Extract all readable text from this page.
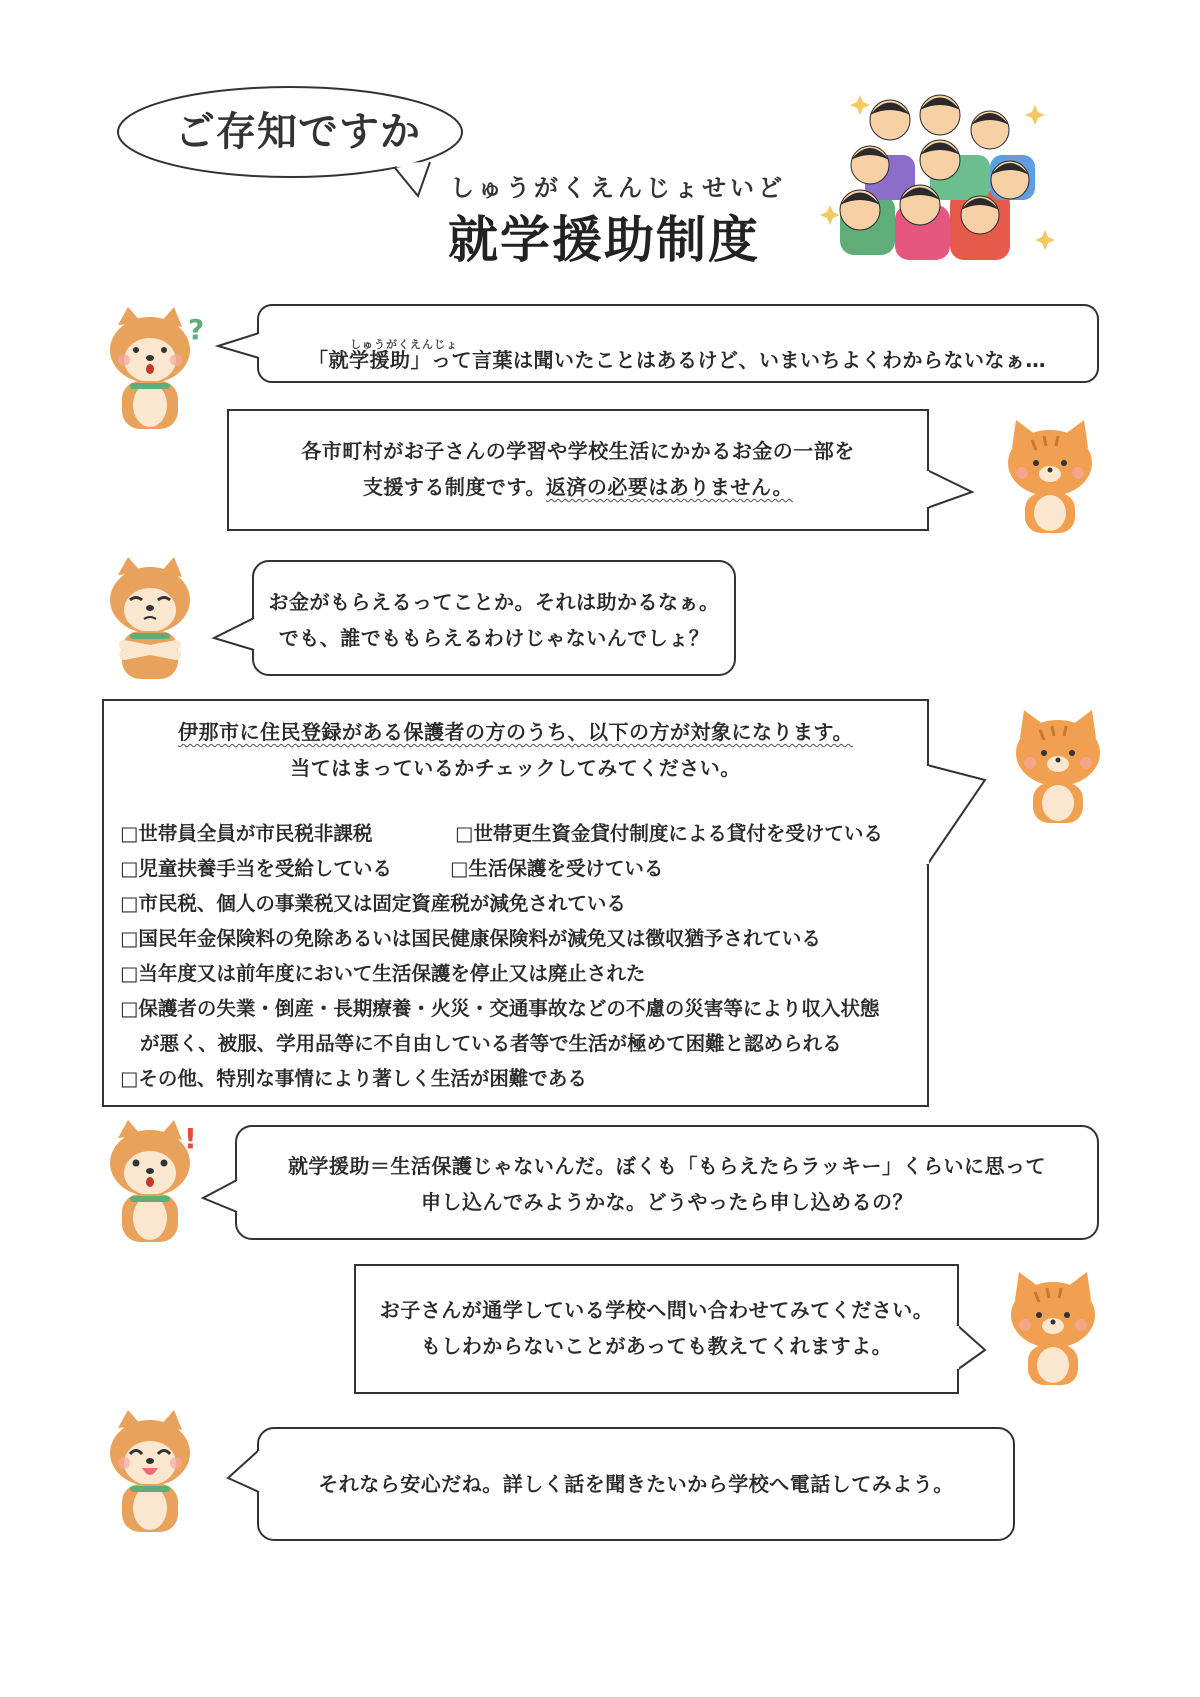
ご存知ですか
しゅうがくえんじょせいど
就学援助制度
?
!
しゅうがくえんじょ
「就学援助」って言葉は聞いたことはあるけど、いまいちよくわからないなぁ…
各市町村がお子さんの学習や学校生活にかかるお金の一部を
支援する制度です。返済の必要はありません。
お金がもらえるってことか。それは助かるなぁ。
でも、誰でももらえるわけじゃないんでしょ？
伊那市に住民登録がある保護者の方のうち、以下の方が対象になります。
当てはまっているかチェックしてみてください。
□世帯員全員が市民税非課税	□世帯更生資金貸付制度による貸付を受けている
□児童扶養手当を受給している	□生活保護を受けている
□市民税、個人の事業税又は固定資産税が減免されている
□国民年金保険料の免除あるいは国民健康保険料が減免又は徴収猶予されている
□当年度又は前年度において生活保護を停止又は廃止された
□保護者の失業・倒産・長期療養・火災・交通事故などの不慮の災害等により収入状態
が悪く、被服、学用品等に不自由している者等で生活が極めて困難と認められる
□その他、特別な事情により著しく生活が困難である
就学援助＝生活保護じゃないんだ。ぼくも「もらえたらラッキー」くらいに思って
申し込んでみようかな。どうやったら申し込めるの？
お子さんが通学している学校へ問い合わせてみてください。
もしわからないことがあっても教えてくれますよ。
それなら安心だね。詳しく話を聞きたいから学校へ電話してみよう。
